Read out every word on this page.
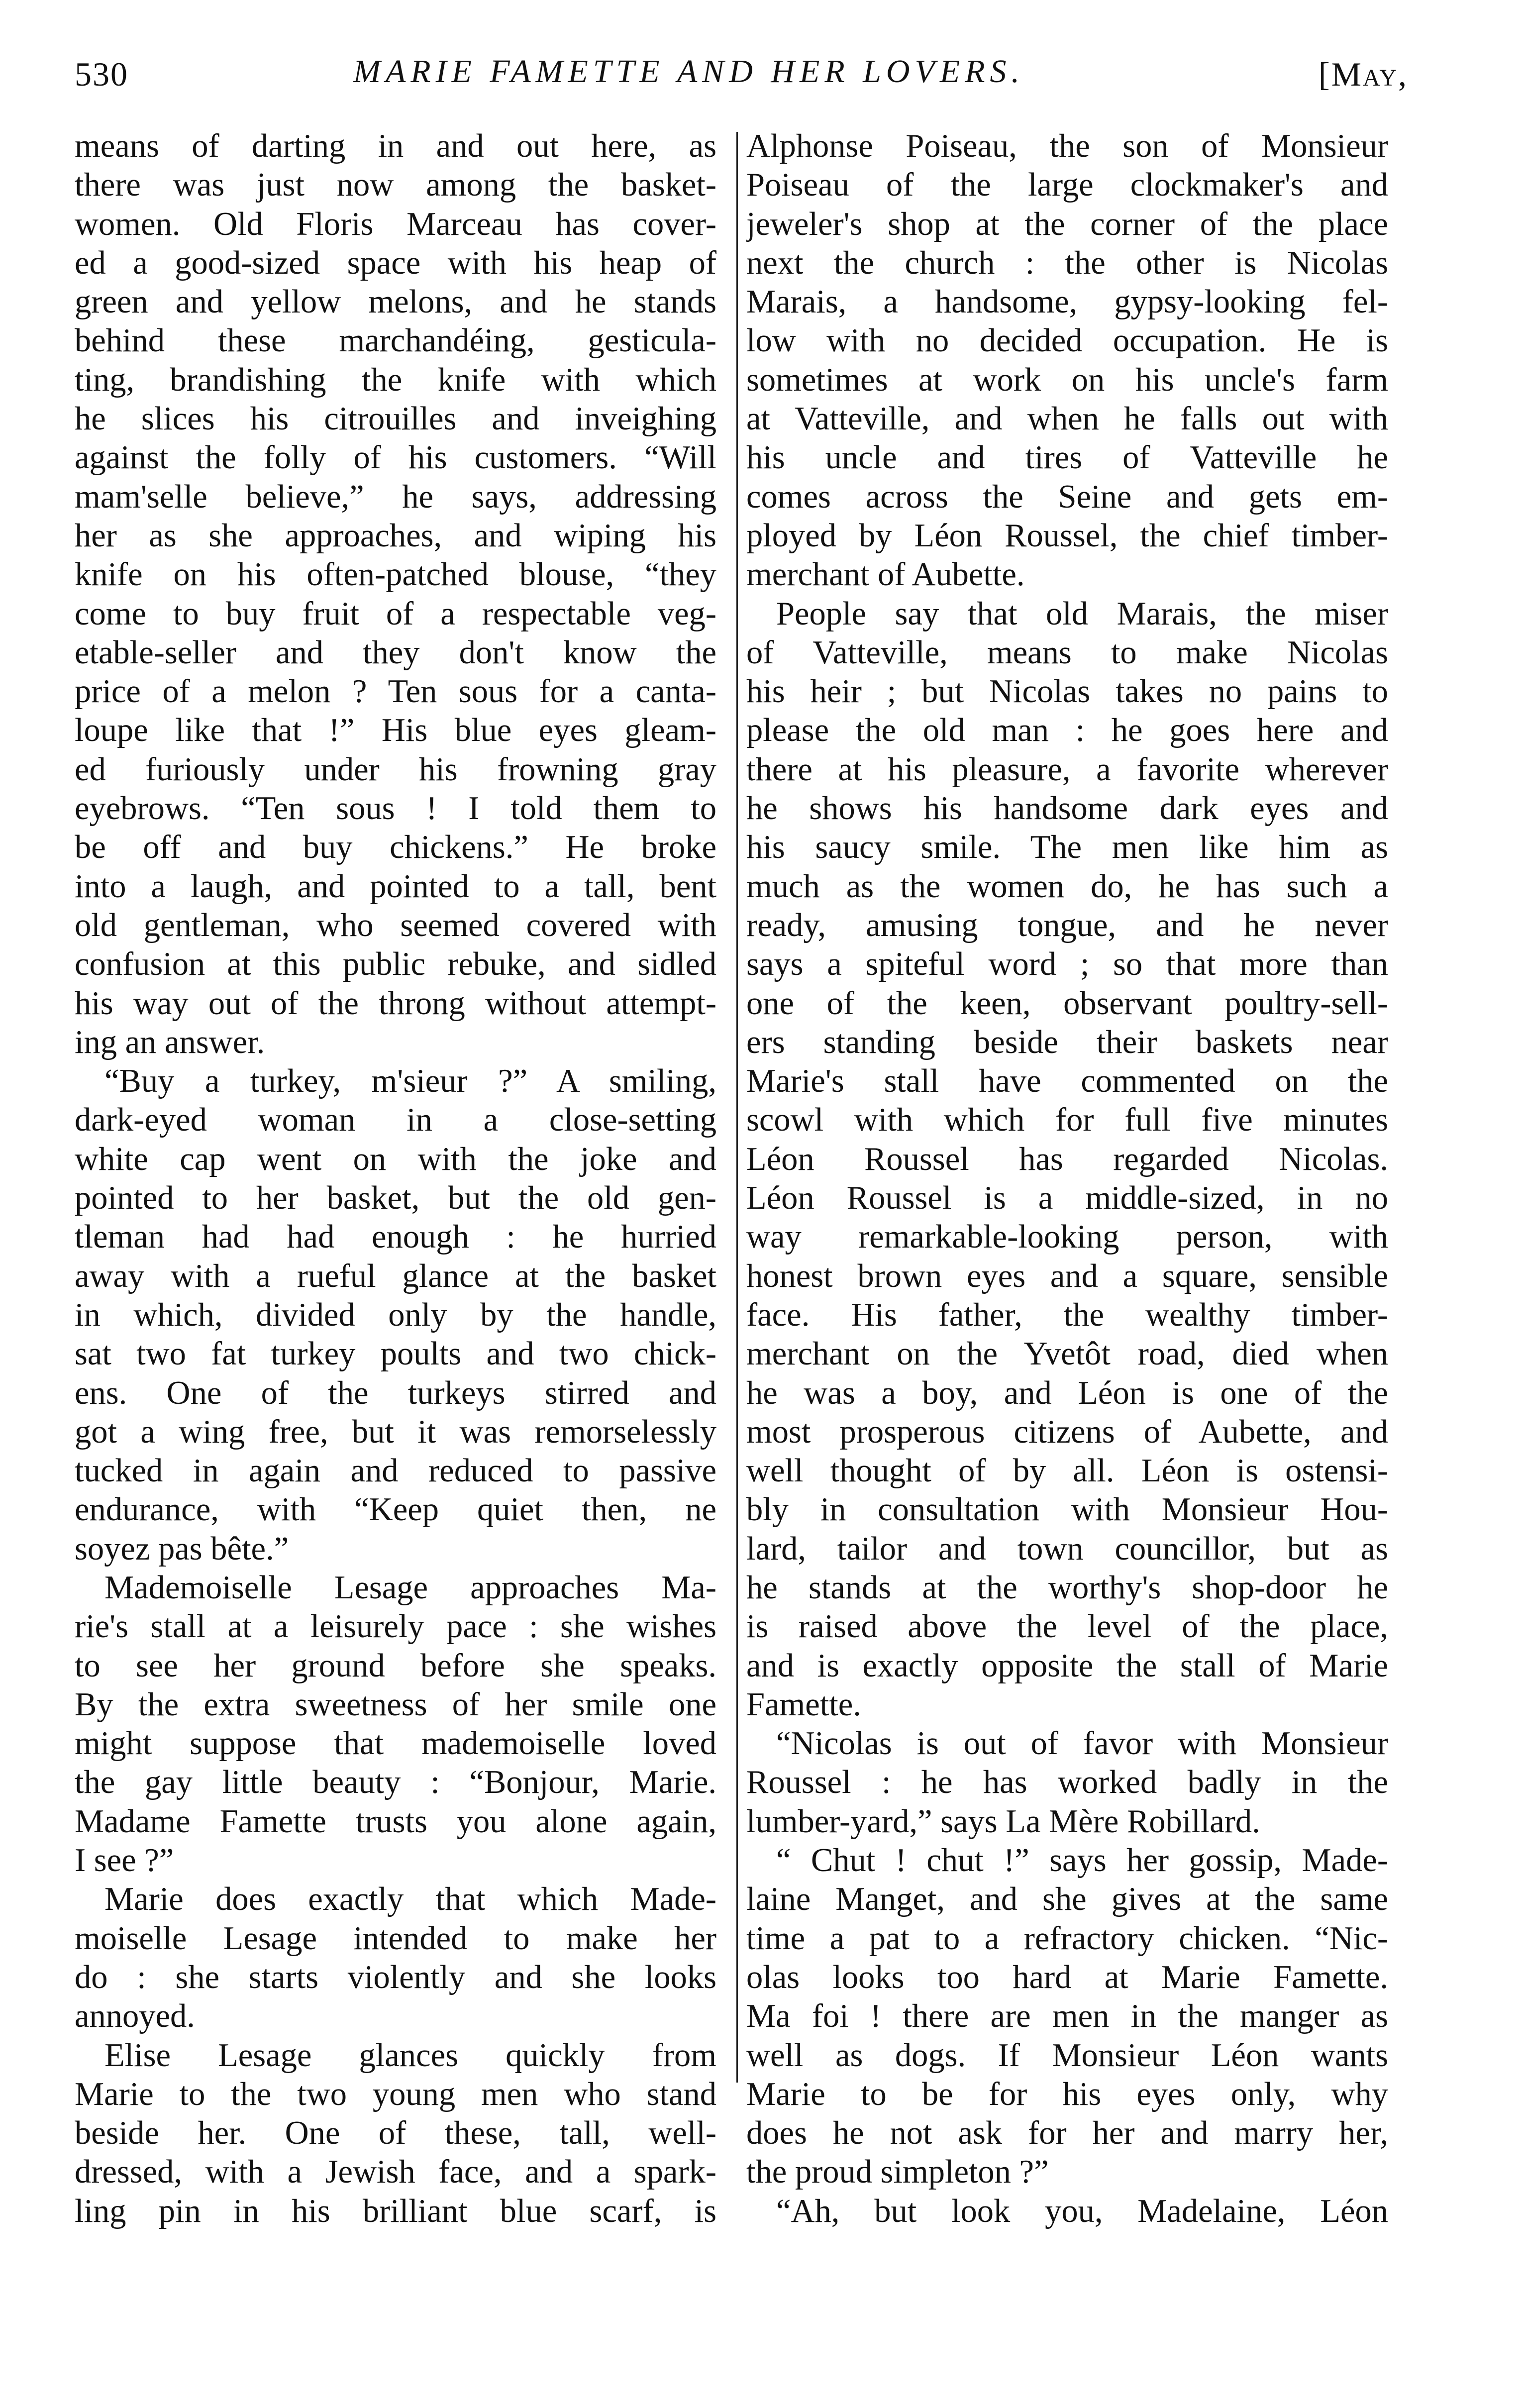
530	MARIE FAMETTE AND HER LOVERS.	[May,
means of darting in and out here, as
there was just now among the basket-
women. Old Floris Marceau has cover-
ed a good-sized space with his heap of
green and yellow melons, and he stands
behind these marchandéing, gesticula-
ting, brandishing the knife with which
he slices his citrouilles and inveighing
against the folly of his customers. “Will
mam'selle believe,” he says, addressing
her as she approaches, and wiping his
knife on his often-patched blouse, “they
come to buy fruit of a respectable veg-
etable-seller and they don't know the
price of a melon ? Ten sous for a canta-
loupe like that !” His blue eyes gleam-
ed furiously under his frowning gray
eyebrows. “Ten sous ! I told them to
be off and buy chickens.” He broke
into a laugh, and pointed to a tall, bent
old gentleman, who seemed covered with
confusion at this public rebuke, and sidled
his way out of the throng without attempt-
ing an answer.
“Buy a turkey, m'sieur ?” A smiling,
dark-eyed woman in a close-setting
white cap went on with the joke and
pointed to her basket, but the old gen-
tleman had had enough : he hurried
away with a rueful glance at the basket
in which, divided only by the handle,
sat two fat turkey poults and two chick-
ens. One of the turkeys stirred and
got a wing free, but it was remorselessly
tucked in again and reduced to passive
endurance, with “Keep quiet then, ne
soyez pas bête.”
Mademoiselle Lesage approaches Ma-
rie's stall at a leisurely pace : she wishes
to see her ground before she speaks.
By the extra sweetness of her smile one
might suppose that mademoiselle loved
the gay little beauty : “Bonjour, Marie.
Madame Famette trusts you alone again,
I see ?”
Marie does exactly that which Made-
moiselle Lesage intended to make her
do : she starts violently and she looks
annoyed.
Elise Lesage glances quickly from
Marie to the two young men who stand
beside her. One of these, tall, well-
dressed, with a Jewish face, and a spark-
ling pin in his brilliant blue scarf, is
Alphonse Poiseau, the son of Monsieur
Poiseau of the large clockmaker's and
jeweler's shop at the corner of the place
next the church : the other is Nicolas
Marais, a handsome, gypsy-looking fel-
low with no decided occupation. He is
sometimes at work on his uncle's farm
at Vatteville, and when he falls out with
his uncle and tires of Vatteville he
comes across the Seine and gets em-
ployed by Léon Roussel, the chief timber-
merchant of Aubette.
People say that old Marais, the miser
of Vatteville, means to make Nicolas
his heir ; but Nicolas takes no pains to
please the old man : he goes here and
there at his pleasure, a favorite wherever
he shows his handsome dark eyes and
his saucy smile. The men like him as
much as the women do, he has such a
ready, amusing tongue, and he never
says a spiteful word ; so that more than
one of the keen, observant poultry-sell-
ers standing beside their baskets near
Marie's stall have commented on the
scowl with which for full five minutes
Léon Roussel has regarded Nicolas.
Léon Roussel is a middle-sized, in no
way remarkable-looking person, with
honest brown eyes and a square, sensible
face. His father, the wealthy timber-
merchant on the Yvetôt road, died when
he was a boy, and Léon is one of the
most prosperous citizens of Aubette, and
well thought of by all. Léon is ostensi-
bly in consultation with Monsieur Hou-
lard, tailor and town councillor, but as
he stands at the worthy's shop-door he
is raised above the level of the place,
and is exactly opposite the stall of Marie
Famette.
“Nicolas is out of favor with Monsieur
Roussel : he has worked badly in the
lumber-yard,” says La Mère Robillard.
“ Chut ! chut !” says her gossip, Made-
laine Manget, and she gives at the same
time a pat to a refractory chicken. “Nic-
olas looks too hard at Marie Famette.
Ma foi ! there are men in the manger as
well as dogs. If Monsieur Léon wants
Marie to be for his eyes only, why
does he not ask for her and marry her,
the proud simpleton ?”
“Ah, but look you, Madelaine, Léon
